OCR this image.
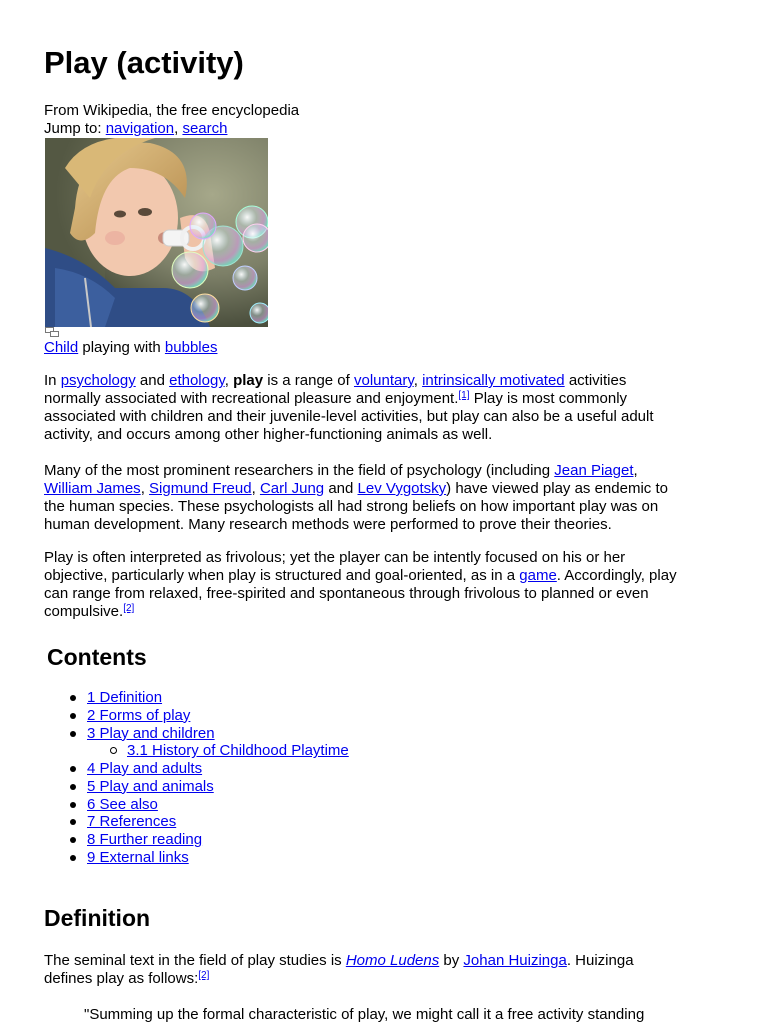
Play (activity)

From Wikipedia, the free encyclopedia

Jump to: navigation, search

Child playing with bubbles

In psychology and ethology, play is a range of voluntary, intrinsically motivated activities
normally associated with recreational pleasure and enjoyment.[1] Play is most commonly
associated with children and their juvenile-level activities, but play can also be a useful adult
activity, and occurs among other higher-functioning animals as well.
Many of the most prominent researchers in the field of psychology (including Jean Piaget,
William James, Sigmund Freud, Carl Jung and Lev Vygotsky) have viewed play as endemic to
the human species. These psychologists all had strong beliefs on how important play was on
human development. Many research methods were performed to prove their theories.
Play is often interpreted as frivolous; yet the player can be intently focused on his or her
objective, particularly when play is structured and goal-oriented, as in a game. Accordingly, play
can range from relaxed, free-spirited and spontaneous through frivolous to planned or even
compulsive.[2]
Contents
1 Definition
2 Forms of play
3 Play and children
3.1 History of Childhood Playtime
4 Play and adults
5 Play and animals
6 See also
7 References
8 Further reading
9 External links
Definition
The seminal text in the field of play studies is Homo Ludens by Johan Huizinga. Huizinga
defines play as follows:[2]

"Summing up the formal characteristic of play, we might call it a free activity standing
